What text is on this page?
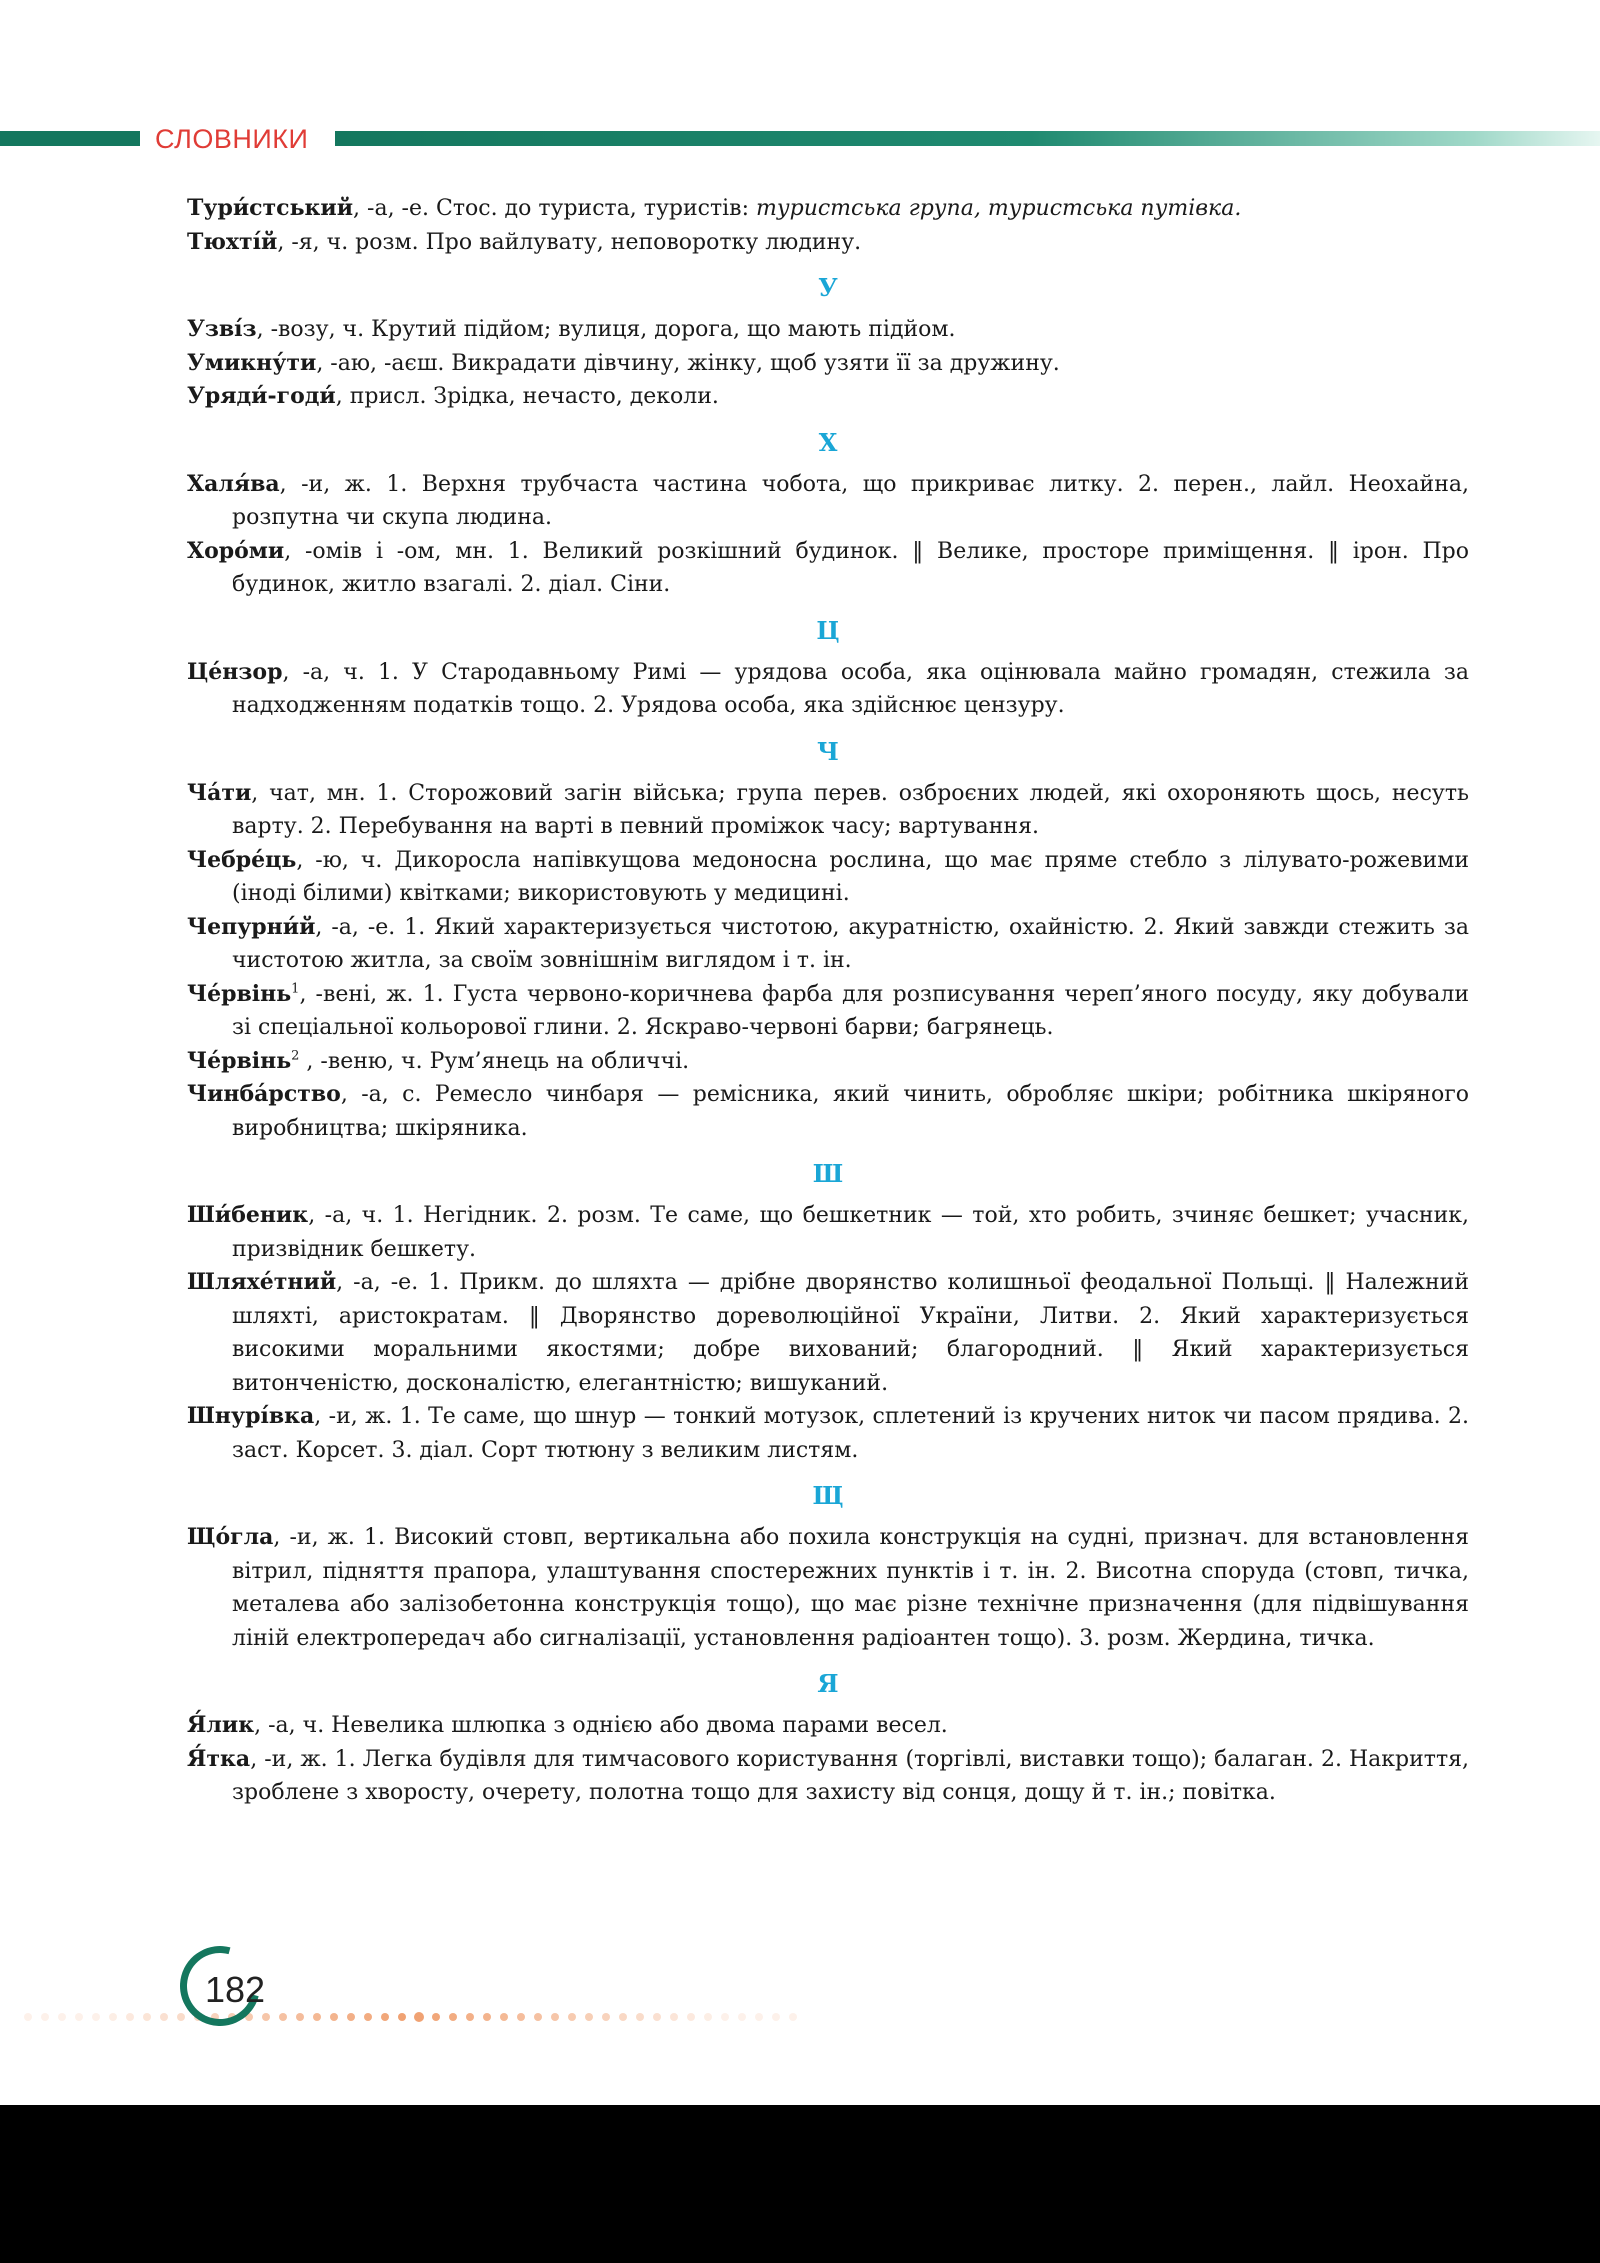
СЛОВНИКИ
Тури́стський, -а, -е. Стос. до туриста, туристів: туристська група, туристська путівка.
Тюхті́й, -я, ч. розм. Про вайлувату, неповоротку людину.
У
Узві́з, -возу, ч. Крутий підйом; вулиця, дорога, що мають підйом.
Умикну́ти, -аю, -аєш. Викрадати дівчину, жінку, щоб узяти її за дружину.
Уряди́-годи́, присл. Зрідка, нечасто, деколи.
Х
Халя́ва, -и, ж. 1. Верхня трубчаста частина чобота, що прикриває литку. 2. перен., лайл. Неохайна, розпутна чи скупа людина.
Хоро́ми, -омів і -ом, мн. 1. Великий розкішний будинок. ‖ Велике, просторе приміщення. ‖ ірон. Про будинок, житло взагалі. 2. діал. Сіни.
Ц
Це́нзор, -а, ч. 1. У Стародавньому Римі — урядова особа, яка оцінювала майно громадян, стежила за надходженням податків тощо. 2. Урядова особа, яка здійснює цензуру.
Ч
Ча́ти, чат, мн. 1. Сторожовий загін війська; група перев. озброєних людей, які охороняють щось, несуть варту. 2. Перебування на варті в певний проміжок часу; вартування.
Чебре́ць, -ю, ч. Дикоросла напівкущова медоносна рослина, що має пряме стебло з лілувато-рожевими (іноді білими) квітками; використовують у медицині.
Чепурни́й, -а, -е. 1. Який характеризується чистотою, акуратністю, охайністю. 2. Який завжди стежить за чистотою житла, за своїм зовнішнім виглядом і т. ін.
Че́рвінь$^1$, -вені, ж. 1. Густа червоно-коричнева фарба для розписування череп’яного посуду, яку добували зі спеціальної кольорової глини. 2. Яскраво-червоні барви; багрянець.
Че́рвінь$^2$ , -веню, ч. Рум’янець на обличчі.
Чинба́рство, -а, с. Ремесло чинбаря — ремісника, який чинить, обробляє шкіри; робітника шкіряного виробництва; шкіряника.
Ш
Ши́беник, -а, ч. 1. Негідник. 2. розм. Те саме, що бешкетник — той, хто робить, зчиняє бешкет; учасник, призвідник бешкету.
Шляхе́тний, -а, -е. 1. Прикм. до шляхта — дрібне дворянство колишньої феодальної Польщі. ‖ Належний шляхті, аристократам. ‖ Дворянство дореволюційної України, Литви. 2. Який характеризується високими моральними якостями; добре вихований; благородний. ‖ Який характеризується витонченістю, досконалістю, елегантністю; вишуканий.
Шнурі́вка, -и, ж. 1. Те саме, що шнур — тонкий мотузок, сплетений із кручених ниток чи пасом прядива. 2. заст. Корсет. 3. діал. Сорт тютюну з великим листям.
Щ
Що́гла, -и, ж. 1. Високий стовп, вертикальна або похила конструкція на судні, признач. для встановлення вітрил, підняття прапора, улаштування спостережних пунктів і т. ін. 2. Висотна споруда (стовп, тичка, металева або залізобетонна конструкція тощо), що має різне технічне призначення (для підвішування ліній електропередач або сигналізації, установлення радіоантен тощо). 3. розм. Жердина, тичка.
Я
Я́лик, -а, ч. Невелика шлюпка з однією або двома парами весел.
Я́тка, -и, ж. 1. Легка будівля для тимчасового користування (торгівлі, виставки тощо); балаган. 2. Накриття, зроблене з хворосту, очерету, полотна тощо для захисту від сонця, дощу й т. ін.; повітка.
182
